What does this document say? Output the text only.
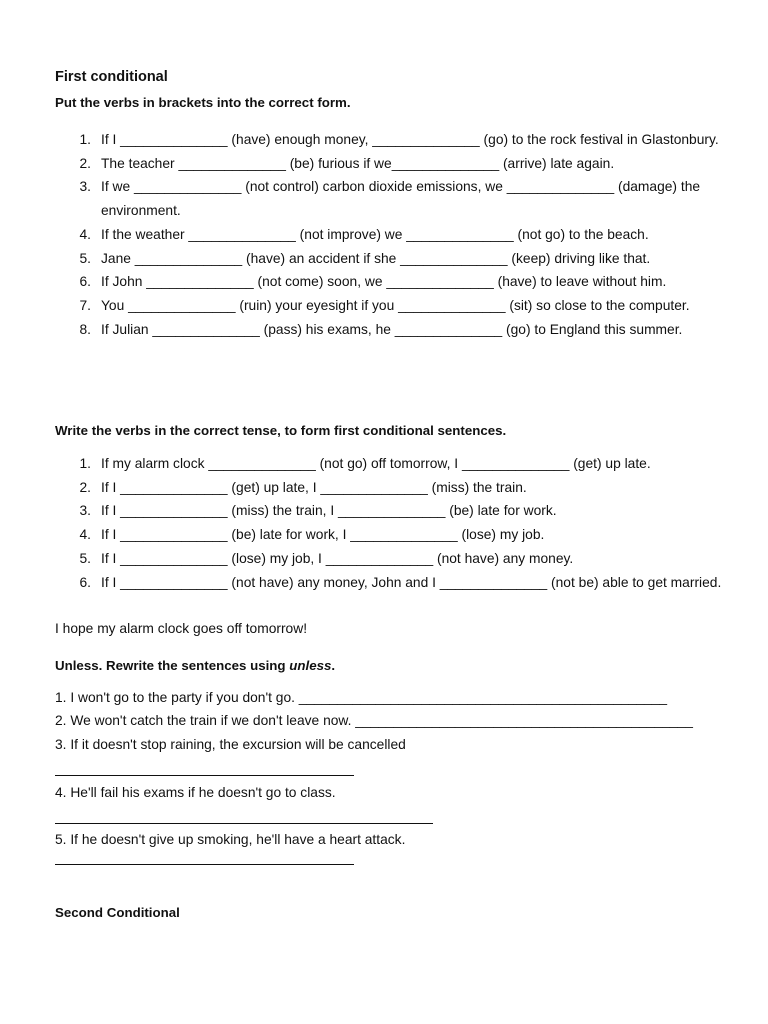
First conditional
Put the verbs in brackets into the correct form.
1. If I ______________ (have) enough money, ______________ (go) to the rock festival in Glastonbury.
2. The teacher ______________ (be) furious if we______________ (arrive) late again.
3. If we ______________ (not control) carbon dioxide emissions, we ______________ (damage) the environment.
4. If the weather ______________ (not improve) we ______________ (not go) to the beach.
5. Jane ______________ (have) an accident if she ______________ (keep) driving like that.
6. If John ______________ (not come) soon, we ______________ (have) to leave without him.
7. You ______________ (ruin) your eyesight if you ______________ (sit) so close to the computer.
8. If Julian ______________ (pass) his exams, he ______________ (go) to England this summer.
Write the verbs in the correct tense, to form first conditional sentences.
1. If my alarm clock ______________ (not go) off tomorrow, I ______________ (get) up late.
2. If I ______________ (get) up late, I ______________ (miss) the train.
3. If I ______________ (miss) the train, I ______________ (be) late for work.
4. If I ______________ (be) late for work, I ______________ (lose) my job.
5. If I ______________ (lose) my job, I ______________ (not have) any money.
6. If I ______________ (not have) any money, John and I ______________ (not be) able to get married.
I hope my alarm clock goes off tomorrow!
Unless. Rewrite the sentences using unless.
1. I won't go to the party if you don't go. ________________________________________________
2. We won't catch the train if we don't leave now. ____________________________________________
3. If it doesn't stop raining, the excursion will be cancelled
4. He'll fail his exams if he doesn't go to class.
5. If he doesn't give up smoking, he'll have a heart attack.
Second Conditional
